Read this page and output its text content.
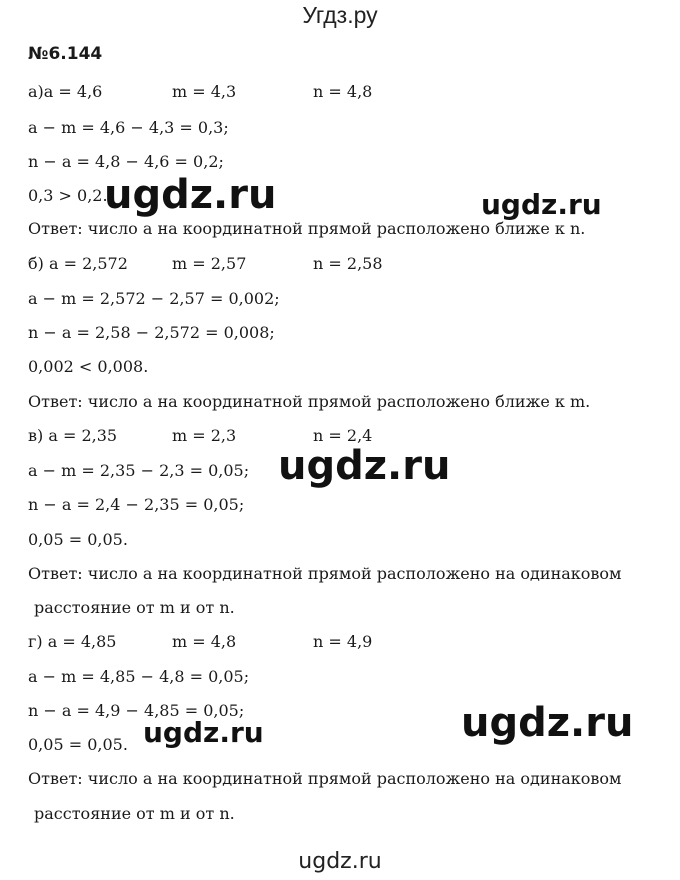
Угдз.ру
№6.144
а)a = 4,6	m = 4,3	n = 4,8
a − m = 4,6 − 4,3 = 0,3;
n − a = 4,8 − 4,6 = 0,2;
0,3 > 0,2.
Ответ: число a на координатной прямой расположено ближе к n.
б) a = 2,572	m = 2,57	n = 2,58
a − m = 2,572 − 2,57 = 0,002;
n − a = 2,58 − 2,572 = 0,008;
0,002 < 0,008.
Ответ: число а на координатной прямой расположено ближе к m.
в) a = 2,35	m = 2,3	n = 2,4
a − m = 2,35 − 2,3 = 0,05;
n − a = 2,4 − 2,35 = 0,05;
0,05 = 0,05.
Ответ: число а на координатной прямой расположено на одинаковом
расстояние от m и от n.
г) a = 4,85	m = 4,8	n = 4,9
a − m = 4,85 − 4,8 = 0,05;
n − a = 4,9 − 4,85 = 0,05;
0,05 = 0,05.
Ответ: число а на координатной прямой расположено на одинаковом
расстояние от m и от n.
ugdz.ru	ugdz.ru
ugdz.ru
ugdz.ru
ugdz.ru
ugdz.ru
